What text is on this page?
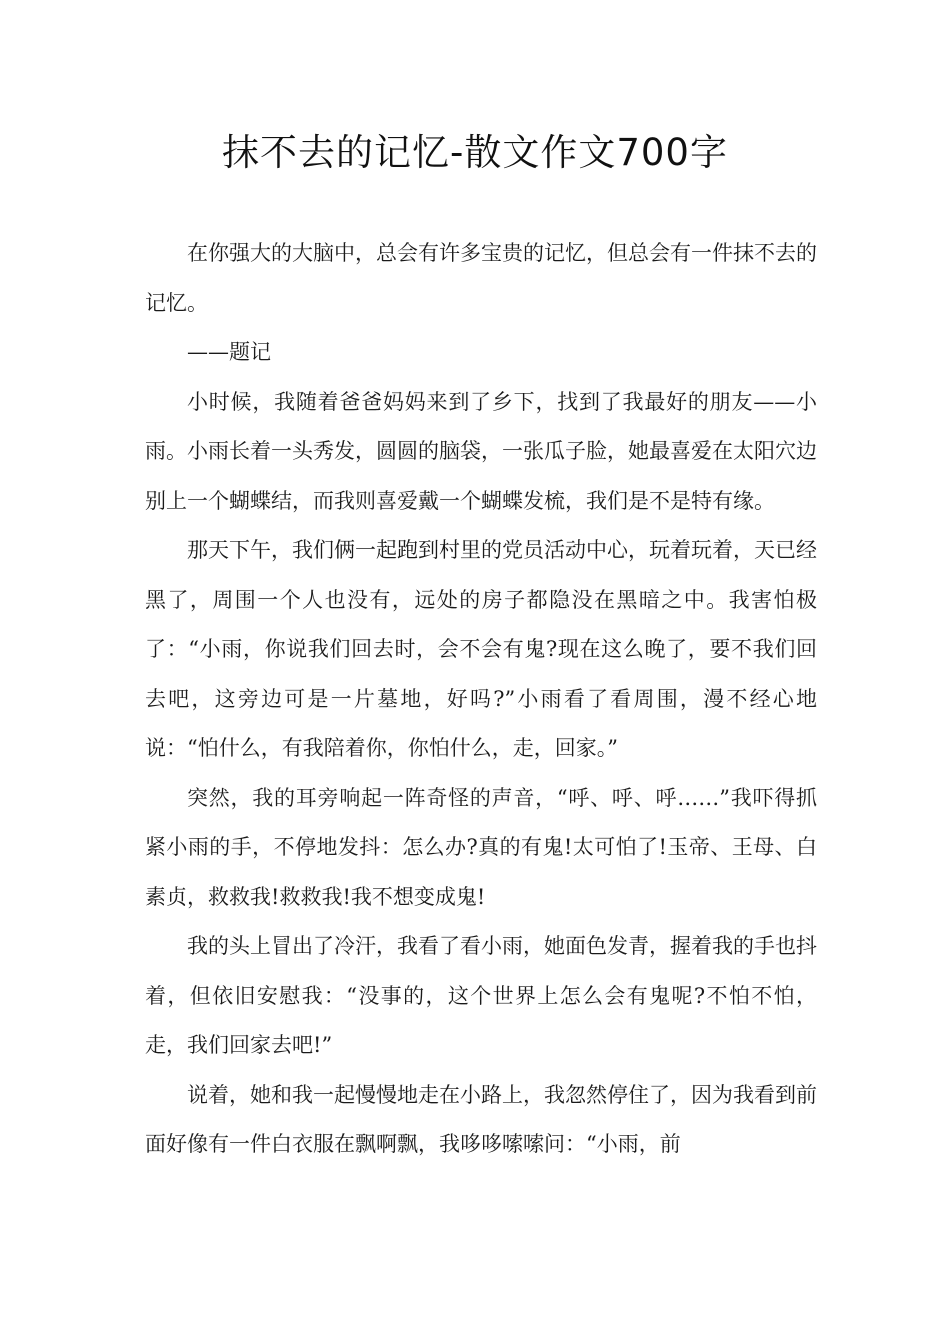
抹不去的记忆-散文作文700字

在你强大的大脑中，总会有许多宝贵的记忆，但总会有一件抹不去的记忆。

——题记

小时候，我随着爸爸妈妈来到了乡下，找到了我最好的朋友——小雨。小雨长着一头秀发，圆圆的脑袋，一张瓜子脸，她最喜爱在太阳穴边别上一个蝴蝶结，而我则喜爱戴一个蝴蝶发梳，我们是不是特有缘。

那天下午，我们俩一起跑到村里的党员活动中心，玩着玩着，天已经黑了，周围一个人也没有，远处的房子都隐没在黑暗之中。我害怕极了：“小雨，你说我们回去时，会不会有鬼?现在这么晚了，要不我们回去吧，这旁边可是一片墓地，好吗?”小雨看了看周围，漫不经心地说：“怕什么，有我陪着你，你怕什么，走，回家。”

突然，我的耳旁响起一阵奇怪的声音，“呼、呼、呼……”我吓得抓紧小雨的手，不停地发抖：怎么办?真的有鬼!太可怕了!玉帝、王母、白素贞，救救我!救救我!我不想变成鬼!

我的头上冒出了冷汗，我看了看小雨，她面色发青，握着我的手也抖着，但依旧安慰我：“没事的，这个世界上怎么会有鬼呢?不怕不怕，走，我们回家去吧!”

说着，她和我一起慢慢地走在小路上，我忽然停住了，因为我看到前面好像有一件白衣服在飘啊飘，我哆哆嗦嗦问：“小雨，前
